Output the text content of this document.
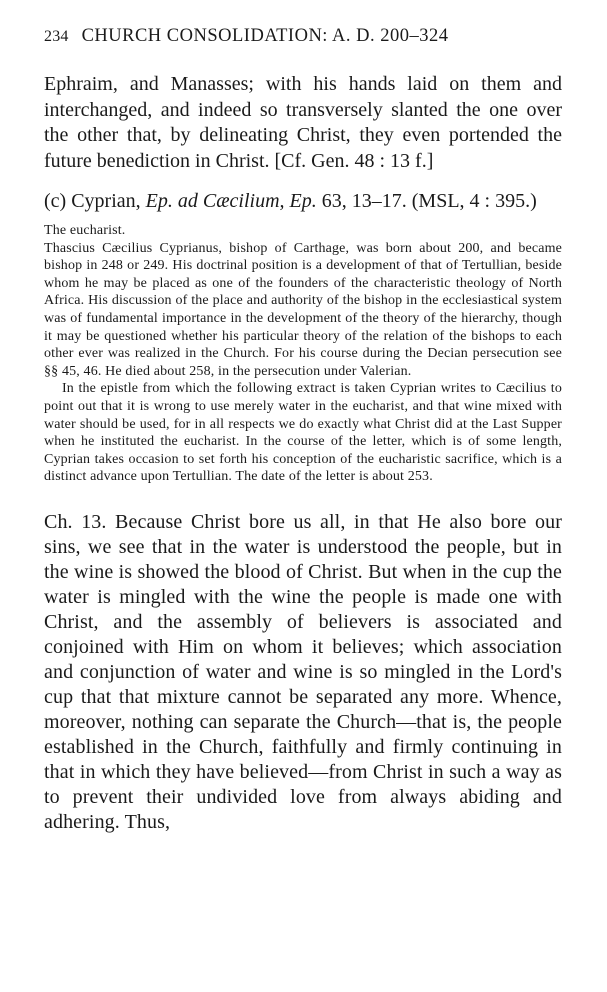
234 CHURCH CONSOLIDATION: A. D. 200–324
Ephraim, and Manasses; with his hands laid on them and interchanged, and indeed so transversely slanted the one over the other that, by delineating Christ, they even portended the future benediction in Christ. [Cf. Gen. 48 : 13 f.]
(c) Cyprian, Ep. ad Cæcilium, Ep. 63, 13–17. (MSL, 4 : 395.)

The eucharist.

Thascius Cæcilius Cyprianus, bishop of Carthage, was born about 200, and became bishop in 248 or 249. His doctrinal position is a development of that of Tertullian, beside whom he may be placed as one of the founders of the characteristic theology of North Africa. His discussion of the place and authority of the bishop in the ecclesiastical system was of fundamental importance in the development of the theory of the hierarchy, though it may be questioned whether his particular theory of the relation of the bishops to each other ever was realized in the Church. For his course during the Decian persecution see §§ 45, 46. He died about 258, in the persecution under Valerian.

In the epistle from which the following extract is taken Cyprian writes to Cæcilius to point out that it is wrong to use merely water in the eucharist, and that wine mixed with water should be used, for in all respects we do exactly what Christ did at the Last Supper when he instituted the eucharist. In the course of the letter, which is of some length, Cyprian takes occasion to set forth his conception of the eucharistic sacrifice, which is a distinct advance upon Tertullian. The date of the letter is about 253.

Ch. 13. Because Christ bore us all, in that He also bore our sins, we see that in the water is understood the people, but in the wine is showed the blood of Christ. But when in the cup the water is mingled with the wine the people is made one with Christ, and the assembly of believers is associated and conjoined with Him on whom it believes; which association and conjunction of water and wine is so mingled in the Lord's cup that that mixture cannot be separated any more. Whence, moreover, nothing can separate the Church—that is, the people established in the Church, faithfully and firmly continuing in that in which they have believed—from Christ in such a way as to prevent their undivided love from always abiding and adhering. Thus,
